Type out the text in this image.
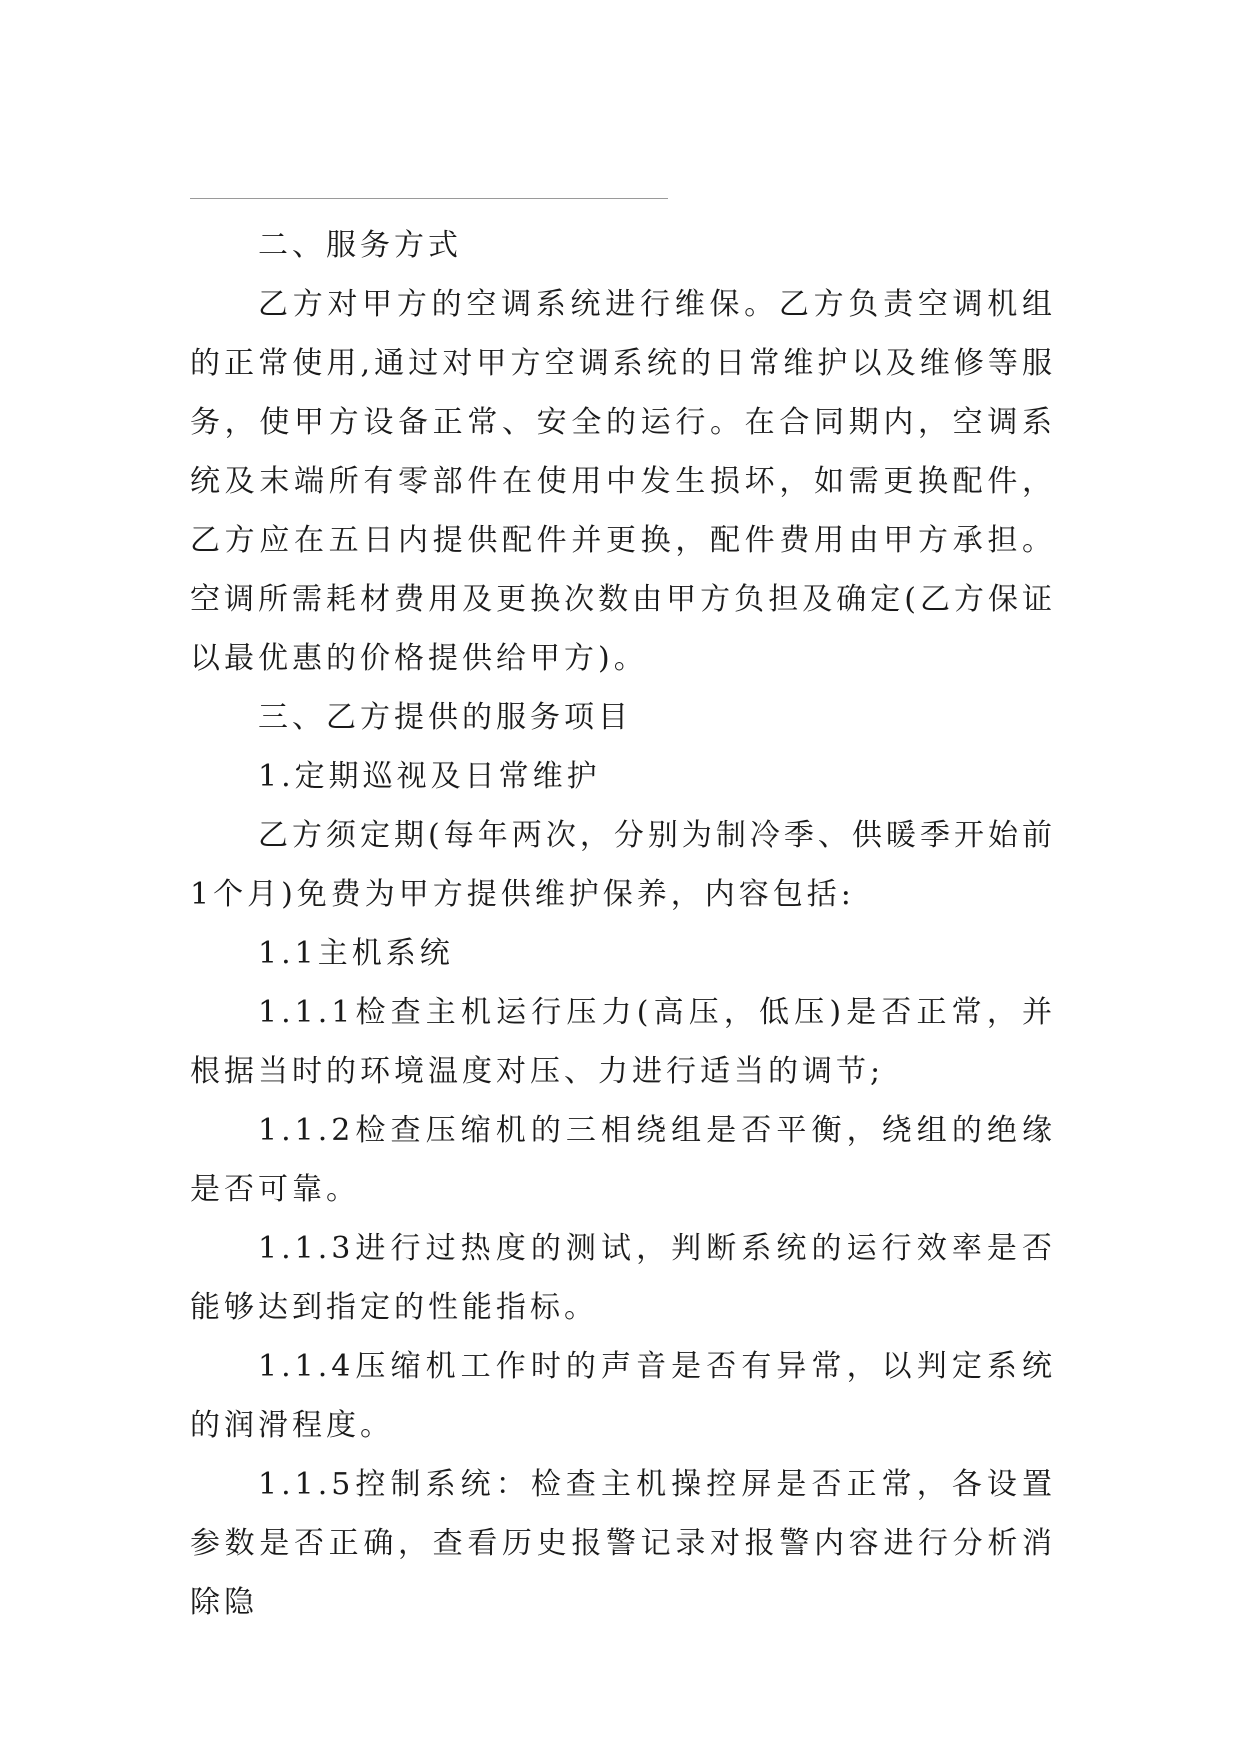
二、服务方式

乙方对甲方的空调系统进行维保。乙方负责空调机组的正常使用,通过对甲方空调系统的日常维护以及维修等服务，使甲方设备正常、安全的运行。在合同期内，空调系统及末端所有零部件在使用中发生损坏，如需更换配件，乙方应在五日内提供配件并更换，配件费用由甲方承担。空调所需耗材费用及更换次数由甲方负担及确定(乙方保证以最优惠的价格提供给甲方)。

三、乙方提供的服务项目

1.定期巡视及日常维护

乙方须定期(每年两次，分别为制冷季、供暖季开始前1个月)免费为甲方提供维护保养，内容包括:

1.1主机系统

1.1.1检查主机运行压力(高压，低压)是否正常，并根据当时的环境温度对压、力进行适当的调节;

1.1.2检查压缩机的三相绕组是否平衡，绕组的绝缘是否可靠。

1.1.3进行过热度的测试，判断系统的运行效率是否能够达到指定的性能指标。

1.1.4压缩机工作时的声音是否有异常，以判定系统的润滑程度。

1.1.5控制系统：检查主机操控屏是否正常，各设置参数是否正确，查看历史报警记录对报警内容进行分析消除隐
